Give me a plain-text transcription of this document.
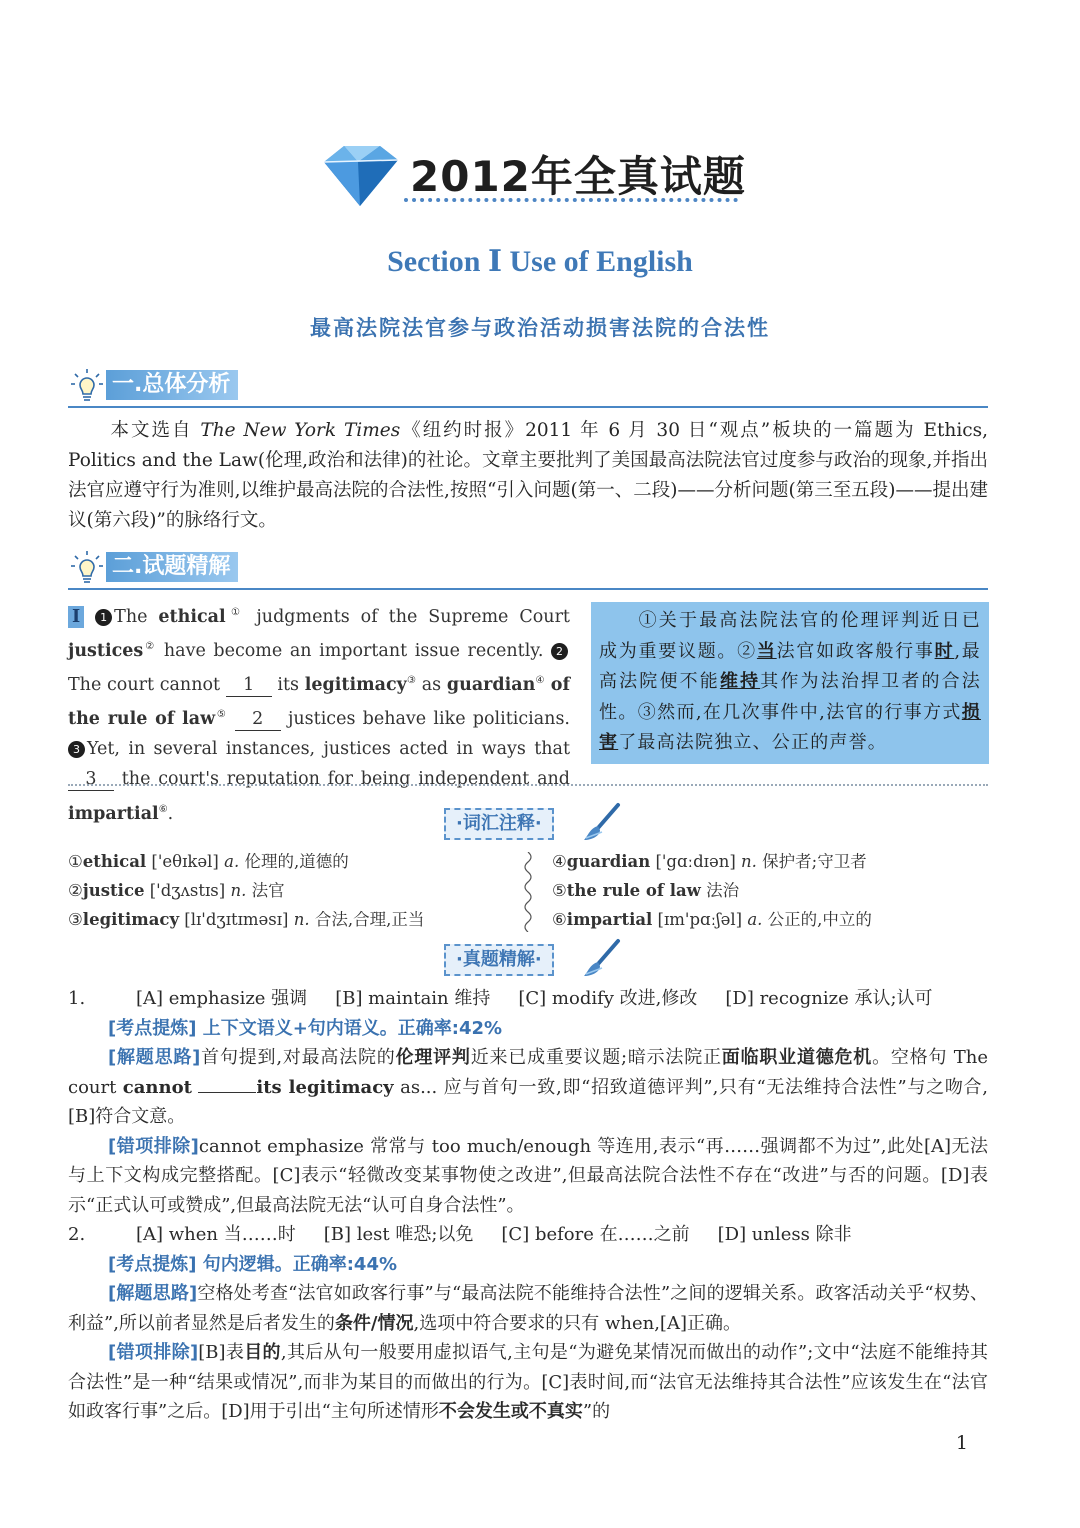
2012年全真试题
Section Ⅰ Use of English
最高法院法官参与政治活动损害法院的合法性
一.总体分析

本文选自 The New York Times《纽约时报》2011 年 6 月 30 日“观点”板块的一篇题为 Ethics, Politics and the Law(伦理,政治和法律)的社论。文章主要批判了美国最高法院法官过度参与政治的现象,并指出法官应遵守行为准则,以维护最高法院的合法性,按照“引入问题(第一、二段)——分析问题(第三至五段)——提出建议(第六段)”的脉络行文。

二.试题精解

Ⅰ 1 The ethical① judgments of the Supreme Court justices② have become an important issue recently. 2The court cannot 1 its legitimacy③ as guardian④ of the rule of law⑤ 2 justices behave like politicians. 3 Yet, in several instances, justices acted in ways that 3 the court's reputation for being independent and impartial⑥.

①关于最高法院法官的伦理评判近日已成为重要议题。②当法官如政客般行事时,最高法院便不能维持其作为法治捍卫者的合法性。③然而,在几次事件中,法官的行事方式损害了最高法院独立、公正的声誉。

·词汇注释·
①ethical ['eθɪkəl] a. 伦理的,道德的
②justice ['dʒʌstɪs] n. 法官
③legitimacy [lɪ'dʒɪtɪməsɪ] n. 合法,合理,正当
④guardian ['gɑːdɪən] n. 保护者;守卫者
⑤the rule of law 法治
⑥impartial [ɪm'pɑːʃəl] a. 公正的,中立的
·真题精解·
1.	[A] emphasize 强调 [B] maintain 维持 [C] modify 改进,修改 [D] recognize 承认;认可

[考点提炼] 上下文语义+句内语义。正确率:42%

[解题思路]首句提到,对最高法院的伦理评判近来已成重要议题;暗示法院正面临职业道德危机。空格句 The court cannot	its legitimacy as... 应与首句一致,即“招致道德评判”,只有“无法维持合法性”与之吻合,[B]符合文意。

[错项排除]cannot emphasize 常常与 too much/enough 等连用,表示“再……强调都不为过”,此处[A]无法与上下文构成完整搭配。[C]表示“轻微改变某事物使之改进”,但最高法院合法性不存在“改进”与否的问题。[D]表示“正式认可或赞成”,但最高法院无法“认可自身合法性”。

2.	[A] when 当……时 [B] lest 唯恐;以免 [C] before 在……之前 [D] unless 除非

[考点提炼] 句内逻辑。正确率:44%

[解题思路]空格处考查“法官如政客行事”与“最高法院不能维持合法性”之间的逻辑关系。政客活动关乎“权势、利益”,所以前者显然是后者发生的条件/情况,选项中符合要求的只有 when,[A]正确。

[错项排除][B]表目的,其后从句一般要用虚拟语气,主句是“为避免某情况而做出的动作”;文中“法庭不能维持其合法性”是一种“结果或情况”,而非为某目的而做出的行为。[C]表时间,而“法官无法维持其合法性”应该发生在“法官如政客行事”之后。[D]用于引出“主句所述情形不会发生或不真实”的

1
